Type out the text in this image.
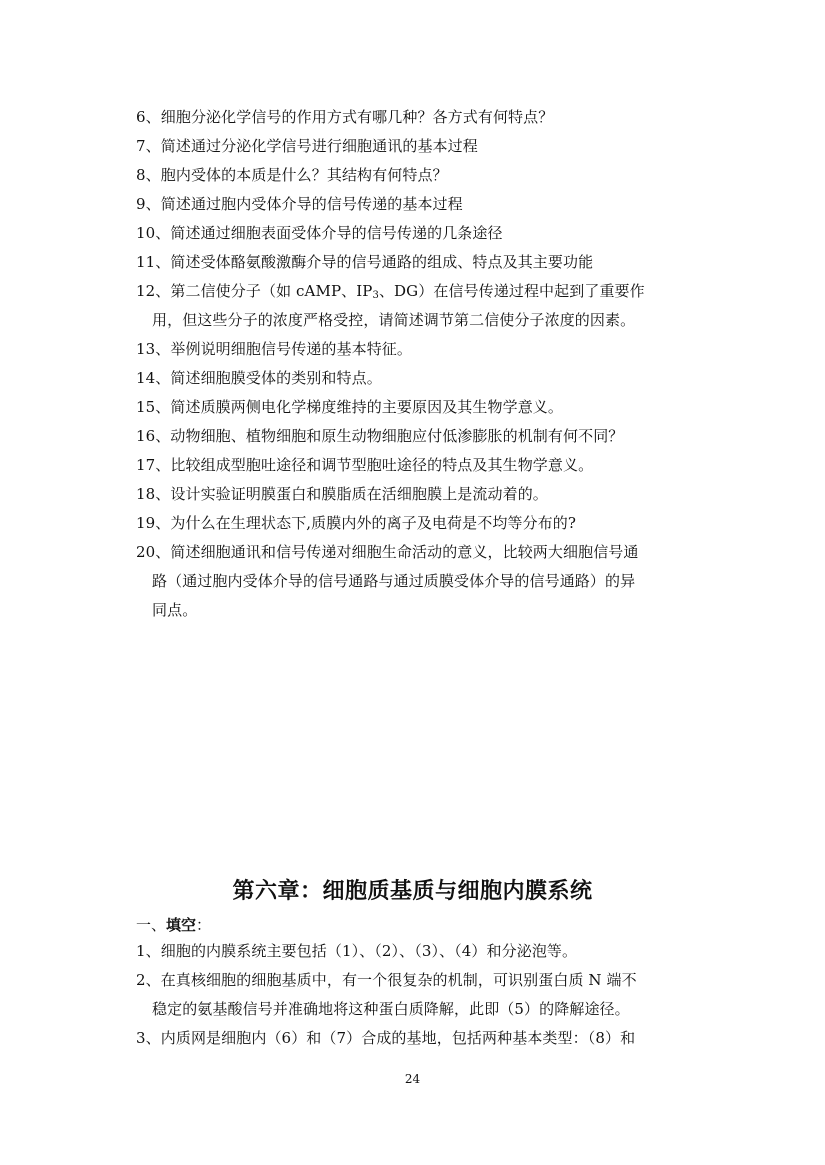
6、细胞分泌化学信号的作用方式有哪几种？各方式有何特点？
7、简述通过分泌化学信号进行细胞通讯的基本过程
8、胞内受体的本质是什么？其结构有何特点？
9、简述通过胞内受体介导的信号传递的基本过程
10、简述通过细胞表面受体介导的信号传递的几条途径
11、简述受体酪氨酸激酶介导的信号通路的组成、特点及其主要功能
12、第二信使分子（如 cAMP、$IP_3$、DG）在信号传递过程中起到了重要作
用，但这些分子的浓度严格受控，请简述调节第二信使分子浓度的因素。
13、举例说明细胞信号传递的基本特征。
14、简述细胞膜受体的类别和特点。
15、简述质膜两侧电化学梯度维持的主要原因及其生物学意义。
16、动物细胞、植物细胞和原生动物细胞应付低渗膨胀的机制有何不同？
17、比较组成型胞吐途径和调节型胞吐途径的特点及其生物学意义。
18、设计实验证明膜蛋白和膜脂质在活细胞膜上是流动着的。
19、为什么在生理状态下,质膜内外的离子及电荷是不均等分布的?
20、简述细胞通讯和信号传递对细胞生命活动的意义，比较两大细胞信号通
路（通过胞内受体介导的信号通路与通过质膜受体介导的信号通路）的异
同点。
第六章：细胞质基质与细胞内膜系统
一、填空：
1、细胞的内膜系统主要包括（1）、（2）、（3）、（4）和分泌泡等。
2、在真核细胞的细胞基质中，有一个很复杂的机制，可识别蛋白质 N 端不
稳定的氨基酸信号并准确地将这种蛋白质降解，此即（5）的降解途径。
3、内质网是细胞内（6）和（7）合成的基地，包括两种基本类型：（8）和
24
